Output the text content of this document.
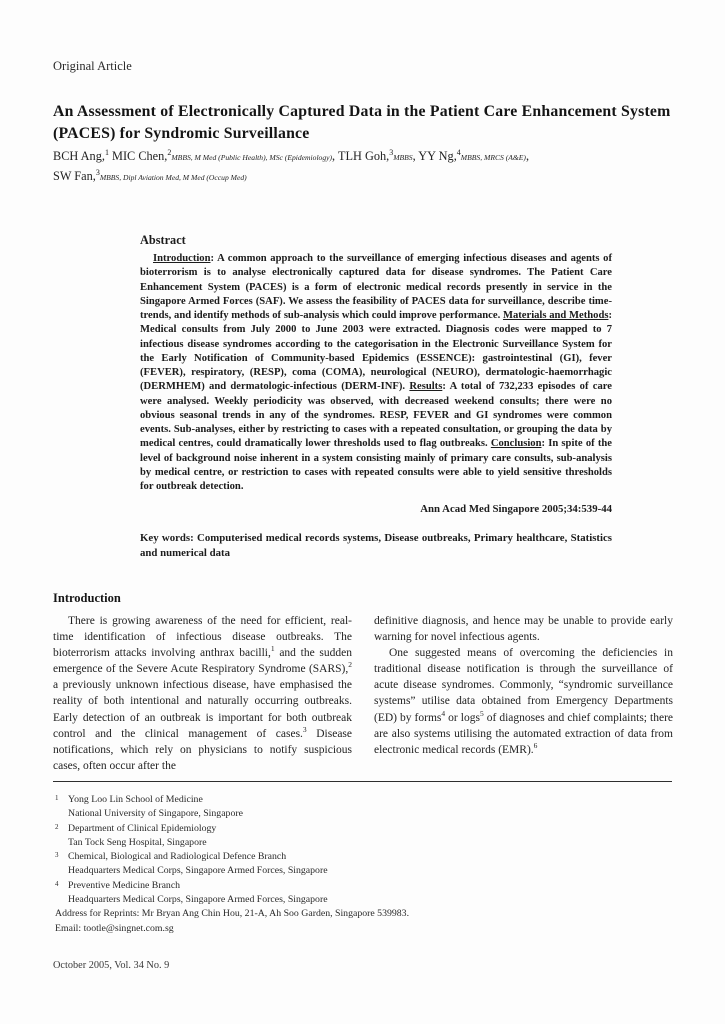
Original Article
An Assessment of Electronically Captured Data in the Patient Care Enhancement System (PACES) for Syndromic Surveillance
BCH Ang,$^1$ MIC Chen,$^2$MBBS, M Med (Public Health), MSc (Epidemiology), TLH Goh,$^3$MBBS, YY Ng,$^4$MBBS, MRCS (A&E),
SW Fan,$^3$MBBS, Dipl Aviation Med, M Med (Occup Med)
Abstract

Introduction: A common approach to the surveillance of emerging infectious diseases and agents of bioterrorism is to analyse electronically captured data for disease syndromes. The Patient Care Enhancement System (PACES) is a form of electronic medical records presently in service in the Singapore Armed Forces (SAF). We assess the feasibility of PACES data for surveillance, describe time-trends, and identify methods of sub-analysis which could improve performance. Materials and Methods: Medical consults from July 2000 to June 2003 were extracted. Diagnosis codes were mapped to 7 infectious disease syndromes according to the categorisation in the Electronic Surveillance System for the Early Notification of Community-based Epidemics (ESSENCE): gastrointestinal (GI), fever (FEVER), respiratory, (RESP), coma (COMA), neurological (NEURO), dermatologic-haemorrhagic (DERMHEM) and dermatologic-infectious (DERM-INF). Results: A total of 732,233 episodes of care were analysed. Weekly periodicity was observed, with decreased weekend consults; there were no obvious seasonal trends in any of the syndromes. RESP, FEVER and GI syndromes were common events. Sub-analyses, either by restricting to cases with a repeated consultation, or grouping the data by medical centres, could dramatically lower thresholds used to flag outbreaks. Conclusion: In spite of the level of background noise inherent in a system consisting mainly of primary care consults, sub-analysis by medical centre, or restriction to cases with repeated consults were able to yield sensitive thresholds for outbreak detection.

Ann Acad Med Singapore 2005;34:539-44
Key words: Computerised medical records systems, Disease outbreaks, Primary healthcare, Statistics and numerical data
Introduction

There is growing awareness of the need for efficient, real-time identification of infectious disease outbreaks. The bioterrorism attacks involving anthrax bacilli,$^1$ and the sudden emergence of the Severe Acute Respiratory Syndrome (SARS),$^2$ a previously unknown infectious disease, have emphasised the reality of both intentional and naturally occurring outbreaks. Early detection of an outbreak is important for both outbreak control and the clinical management of cases.$^3$ Disease notifications, which rely on physicians to notify suspicious cases, often occur after the

definitive diagnosis, and hence may be unable to provide early warning for novel infectious agents.

One suggested means of overcoming the deficiencies in traditional disease notification is through the surveillance of acute disease syndromes. Commonly, “syndromic surveillance systems” utilise data obtained from Emergency Departments (ED) by forms$^4$ or logs$^5$ of diagnoses and chief complaints; there are also systems utilising the automated extraction of data from electronic medical records (EMR).$^6$

1 Yong Loo Lin School of Medicine
National University of Singapore, Singapore
2 Department of Clinical Epidemiology
Tan Tock Seng Hospital, Singapore
3 Chemical, Biological and Radiological Defence Branch
Headquarters Medical Corps, Singapore Armed Forces, Singapore
4 Preventive Medicine Branch
Headquarters Medical Corps, Singapore Armed Forces, Singapore
Address for Reprints: Mr Bryan Ang Chin Hou, 21-A, Ah Soo Garden, Singapore 539983.
Email: tootle@singnet.com.sg
October 2005, Vol. 34 No. 9
